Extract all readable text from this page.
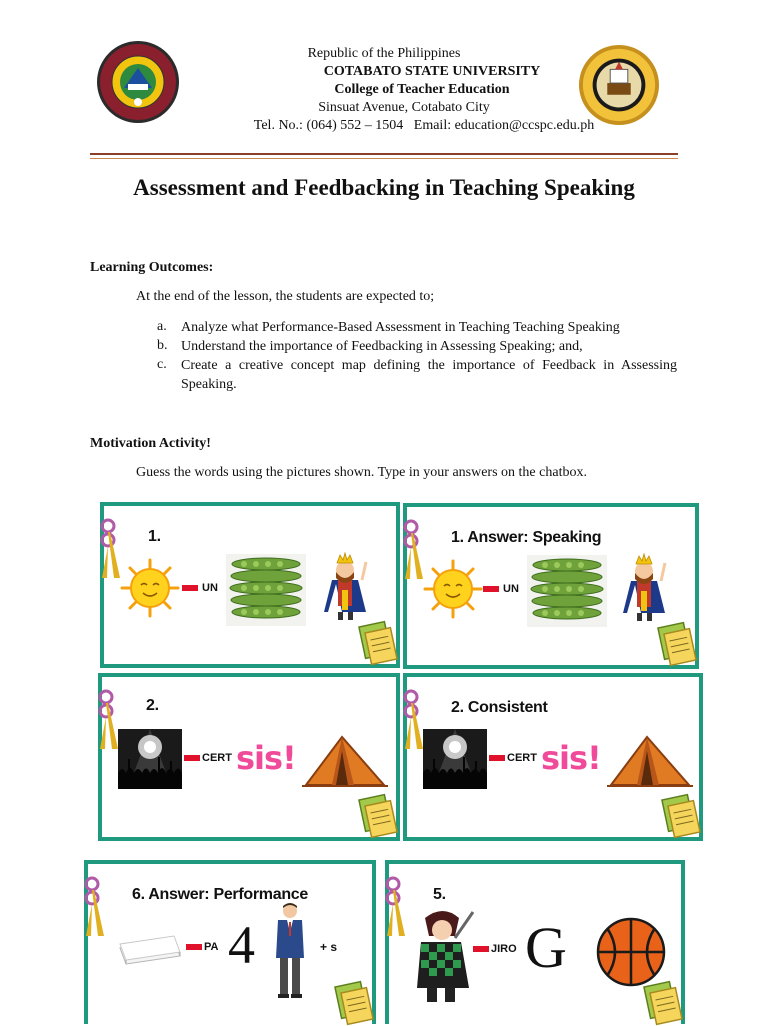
Republic of the Philippines
COTABATO STATE UNIVERSITY
College of Teacher Education
Sinsuat Avenue, Cotabato City
Tel. No.: (064) 552 – 1504   Email: education@ccspc.edu.ph
Assessment and Feedbacking in Teaching Speaking
Learning Outcomes:
At the end of the lesson, the students are expected to;
a. Analyze what Performance-Based Assessment in Teaching Teaching Speaking
b. Understand the importance of Feedbacking in Assessing Speaking; and,
c. Create a creative concept map defining the importance of Feedback in Assessing Speaking.
Motivation Activity!
Guess the words using the pictures shown. Type in your answers on the chatbox.
1.
UN
1. Answer: Speaking
UN
2.
CERT sis!
2. Consistent
CERT sis!
6. Answer: Performance
PA 4	+ s
5.
JIRO G
